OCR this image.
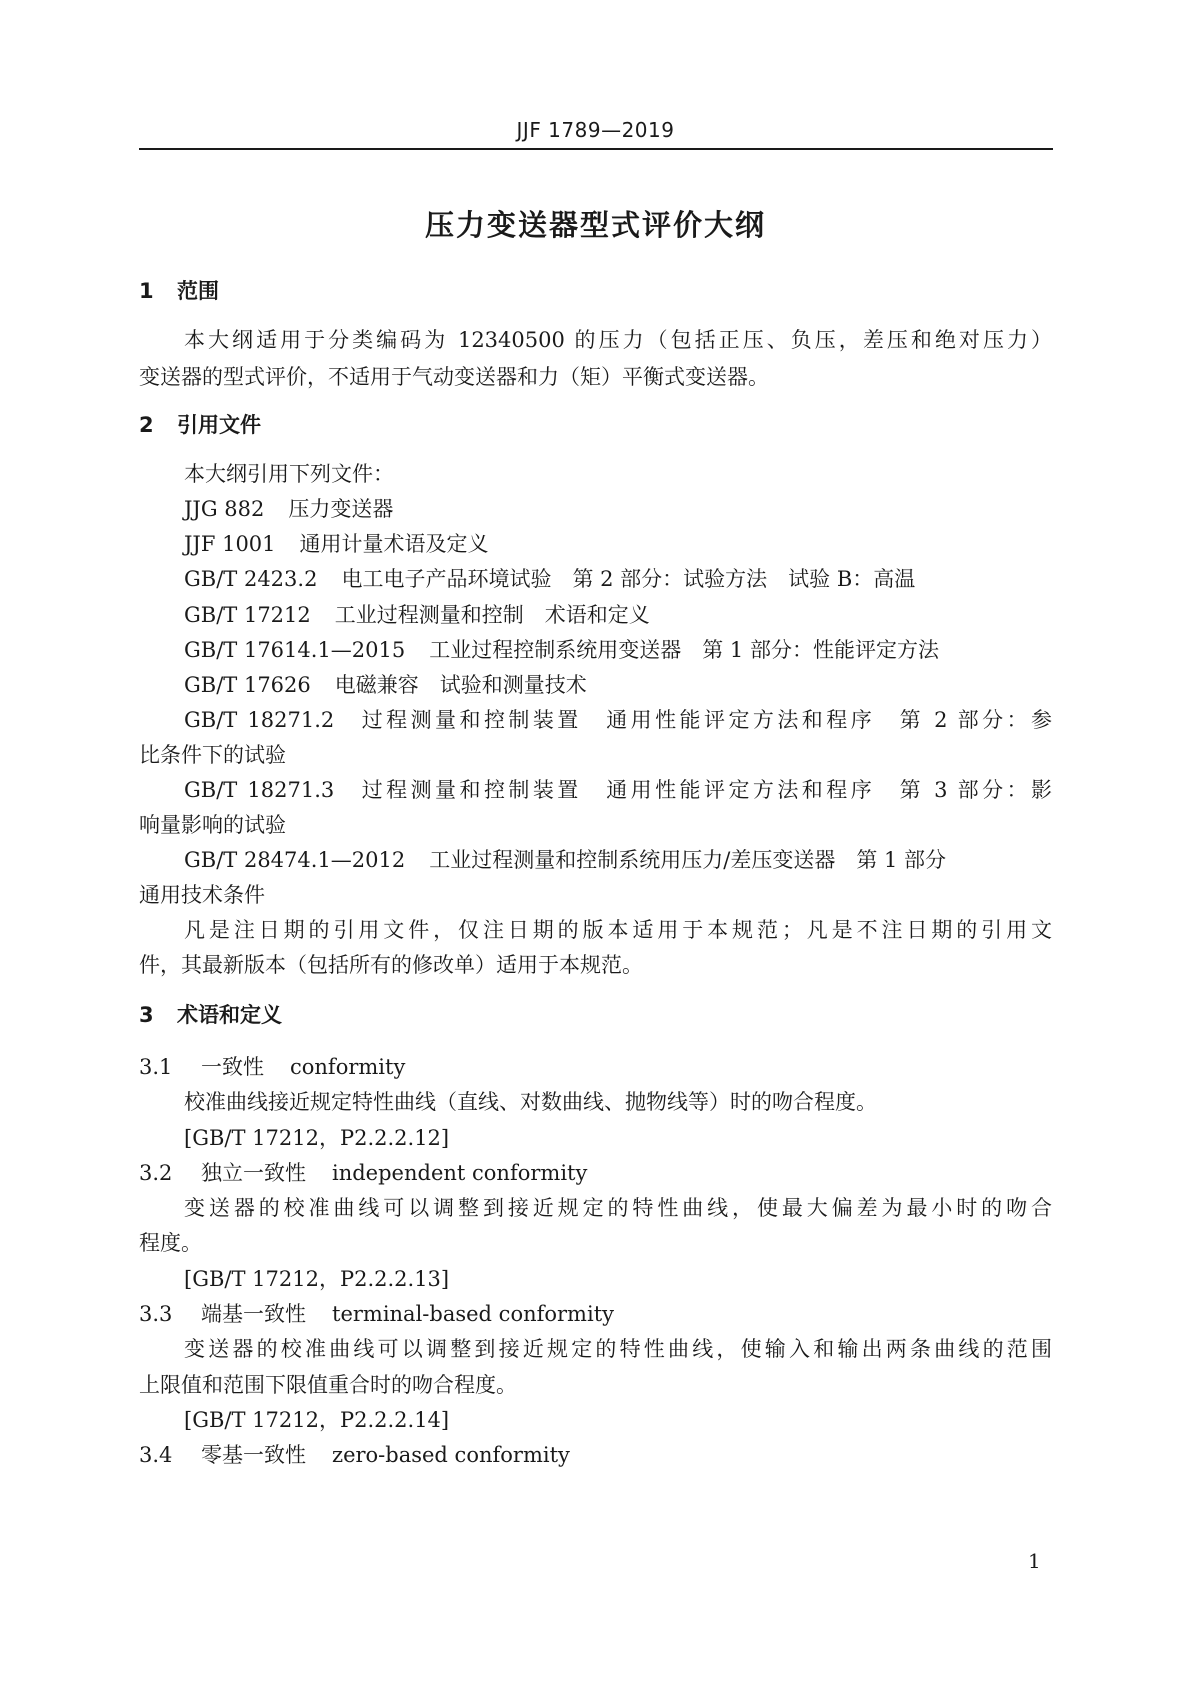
JJF 1789—2019
压力变送器型式评价大纲
1 范围
本大纲适用于分类编码为 12340500 的压力（包括正压、负压，差压和绝对压力）
变送器的型式评价，不适用于气动变送器和力（矩）平衡式变送器。
2 引用文件
本大纲引用下列文件：
JJG 882 压力变送器
JJF 1001 通用计量术语及定义
GB/T 2423.2 电工电子产品环境试验　第 2 部分：试验方法　试验 B：高温
GB/T 17212 工业过程测量和控制　术语和定义
GB/T 17614.1—2015 工业过程控制系统用变送器　第 1 部分：性能评定方法
GB/T 17626 电磁兼容　试验和测量技术
GB/T 18271.2 过程测量和控制装置　通用性能评定方法和程序　第 2 部分：参
比条件下的试验
GB/T 18271.3 过程测量和控制装置　通用性能评定方法和程序　第 3 部分：影
响量影响的试验
GB/T 28474.1—2012 工业过程测量和控制系统用压力/差压变送器　第 1 部分
通用技术条件
凡是注日期的引用文件，仅注日期的版本适用于本规范；凡是不注日期的引用文
件，其最新版本（包括所有的修改单）适用于本规范。
3 术语和定义
3.1 一致性 conformity
校准曲线接近规定特性曲线（直线、对数曲线、抛物线等）时的吻合程度。
[GB/T 17212，P2.2.2.12]
3.2 独立一致性 independent conformity
变送器的校准曲线可以调整到接近规定的特性曲线，使最大偏差为最小时的吻合
程度。
[GB/T 17212，P2.2.2.13]
3.3 端基一致性 terminal-based conformity
变送器的校准曲线可以调整到接近规定的特性曲线，使输入和输出两条曲线的范围
上限值和范围下限值重合时的吻合程度。
[GB/T 17212，P2.2.2.14]
3.4 零基一致性 zero-based conformity
1
